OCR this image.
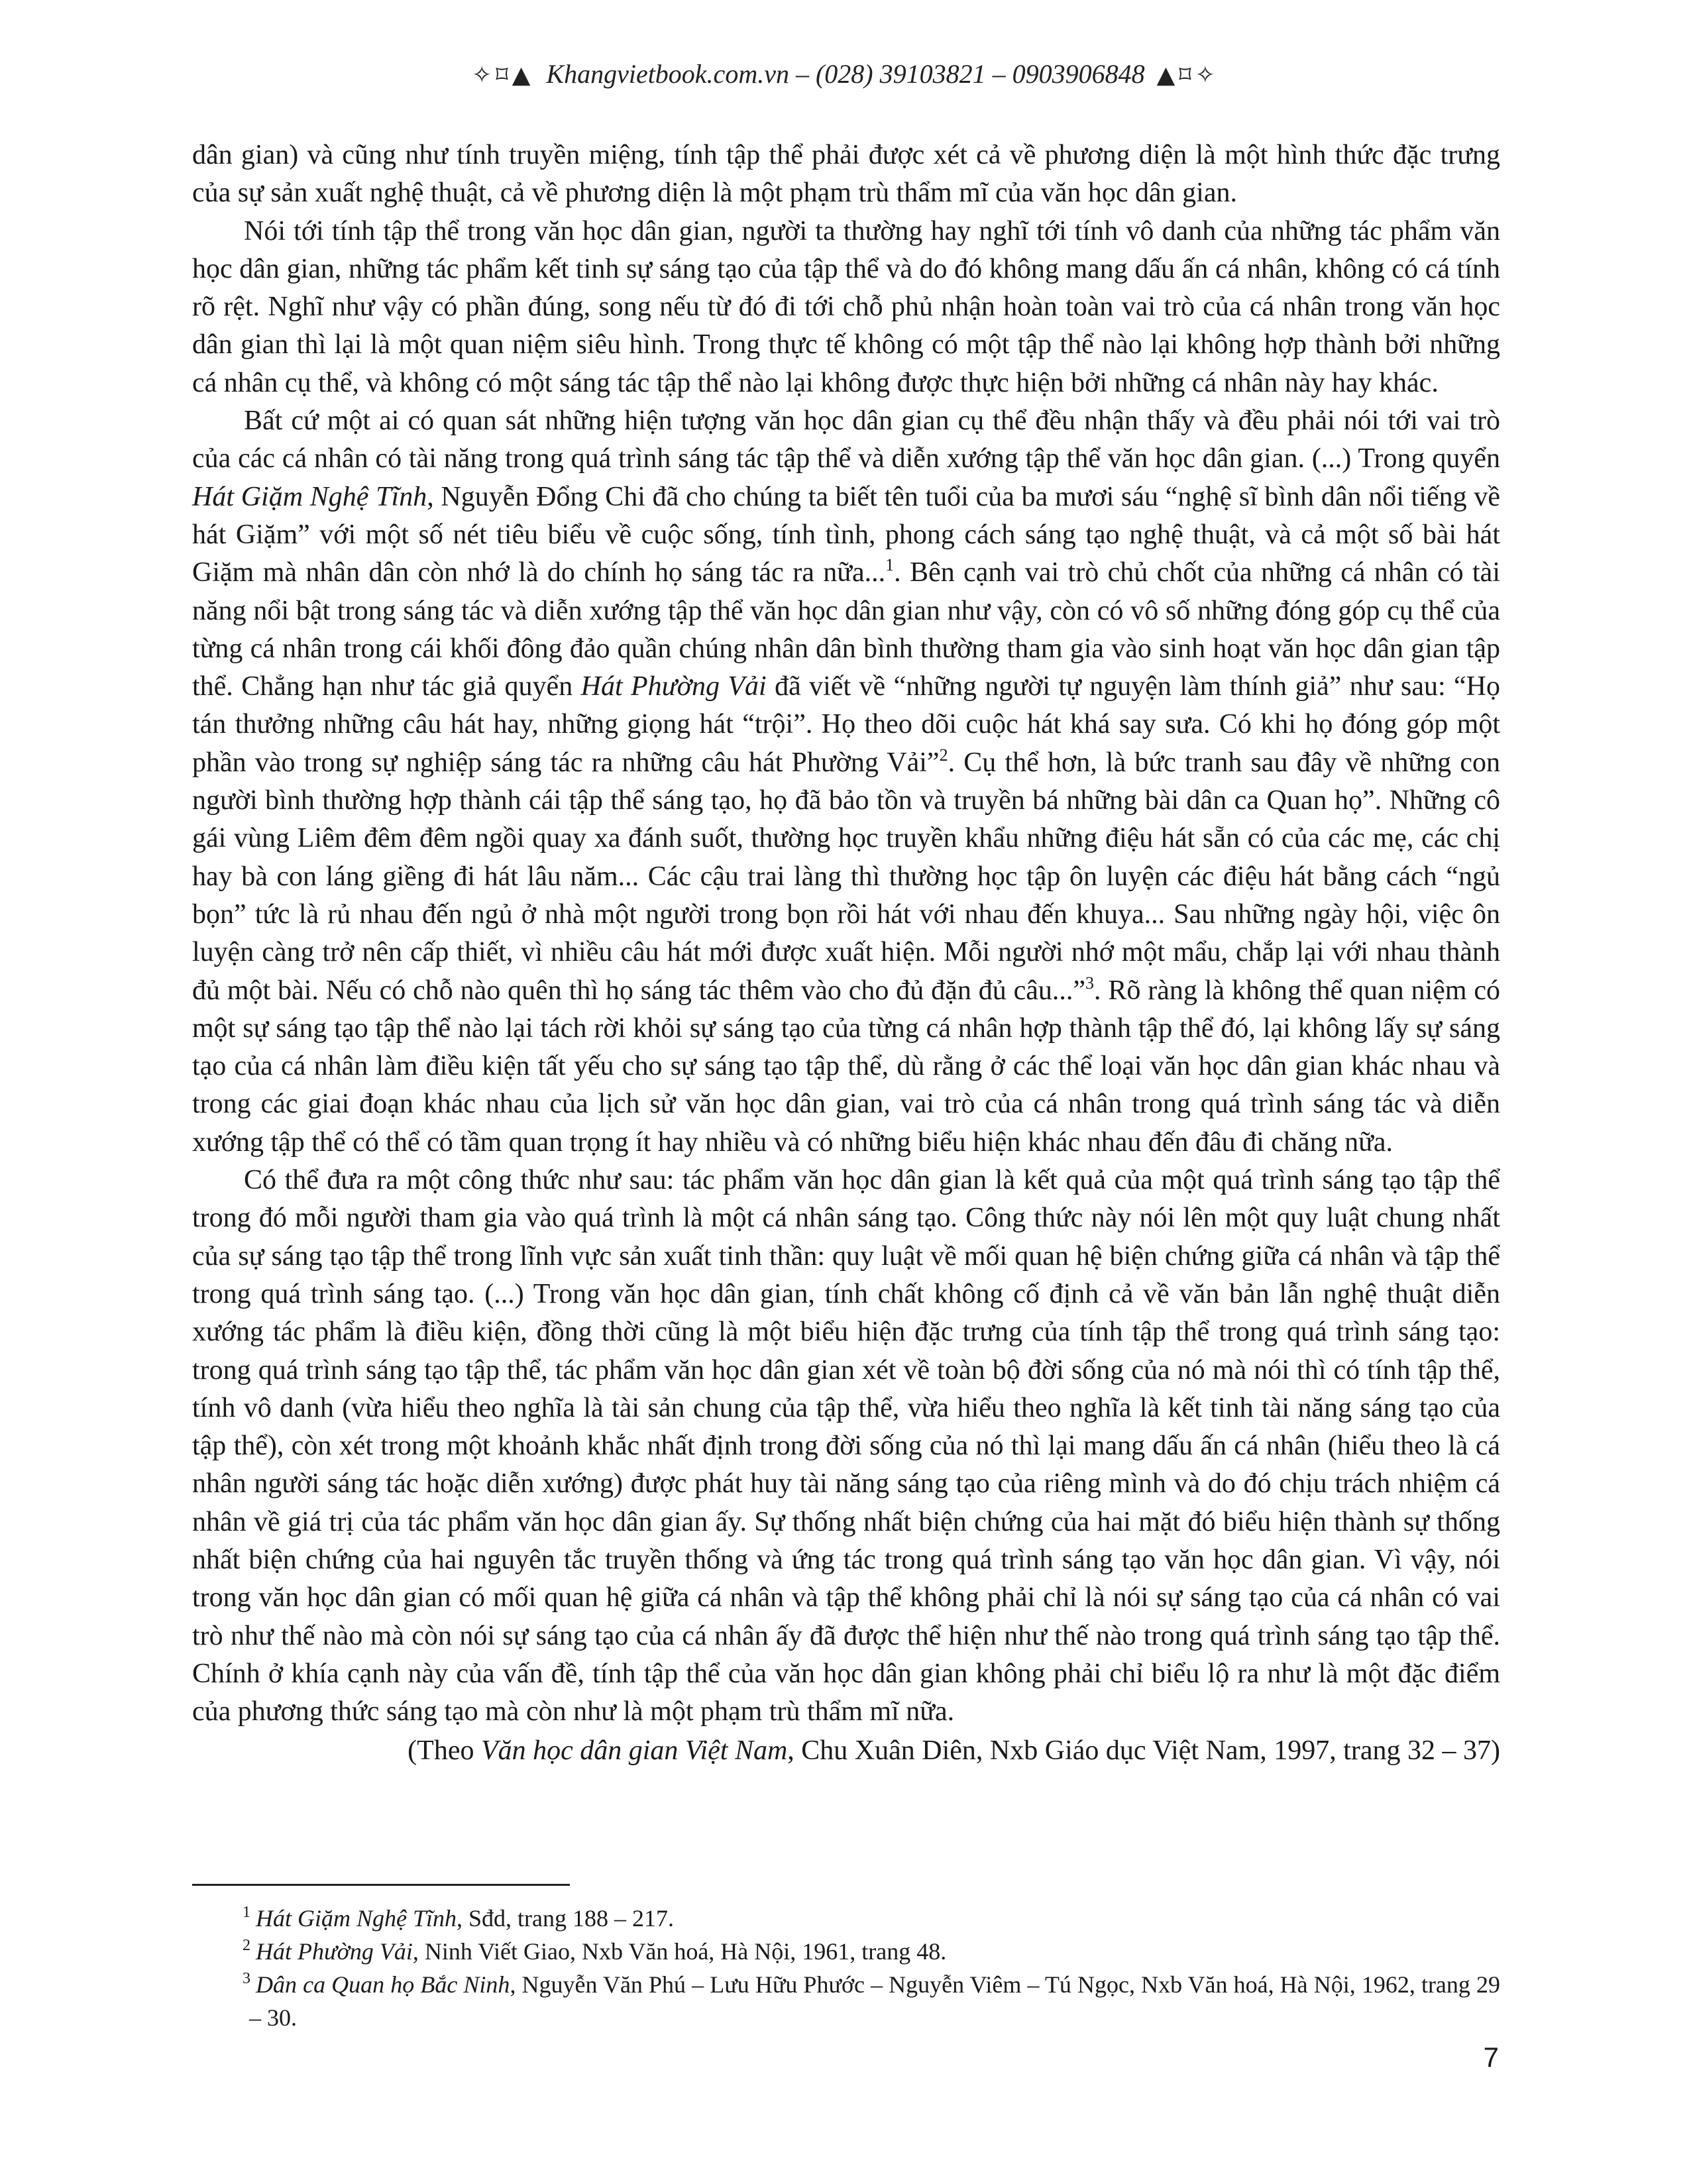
✧⌑▲ Khangvietbook.com.vn – (028) 39103821 – 0903906848 ▲⌑✧

dân gian) và cũng như tính truyền miệng, tính tập thể phải được xét cả về phương diện là một hình thức đặc trưng của sự sản xuất nghệ thuật, cả về phương diện là một phạm trù thẩm mĩ của văn học dân gian.

Nói tới tính tập thể trong văn học dân gian, người ta thường hay nghĩ tới tính vô danh của những tác phẩm văn học dân gian, những tác phẩm kết tinh sự sáng tạo của tập thể và do đó không mang dấu ấn cá nhân, không có cá tính rõ rệt. Nghĩ như vậy có phần đúng, song nếu từ đó đi tới chỗ phủ nhận hoàn toàn vai trò của cá nhân trong văn học dân gian thì lại là một quan niệm siêu hình. Trong thực tế không có một tập thể nào lại không hợp thành bởi những cá nhân cụ thể, và không có một sáng tác tập thể nào lại không được thực hiện bởi những cá nhân này hay khác.

Bất cứ một ai có quan sát những hiện tượng văn học dân gian cụ thể đều nhận thấy và đều phải nói tới vai trò của các cá nhân có tài năng trong quá trình sáng tác tập thể và diễn xướng tập thể văn học dân gian. (...) Trong quyển Hát Giặm Nghệ Tĩnh, Nguyễn Đổng Chi đã cho chúng ta biết tên tuổi của ba mươi sáu “nghệ sĩ bình dân nổi tiếng về hát Giặm” với một số nét tiêu biểu về cuộc sống, tính tình, phong cách sáng tạo nghệ thuật, và cả một số bài hát Giặm mà nhân dân còn nhớ là do chính họ sáng tác ra nữa...$^1$. Bên cạnh vai trò chủ chốt của những cá nhân có tài năng nổi bật trong sáng tác và diễn xướng tập thể văn học dân gian như vậy, còn có vô số những đóng góp cụ thể của từng cá nhân trong cái khối đông đảo quần chúng nhân dân bình thường tham gia vào sinh hoạt văn học dân gian tập thể. Chẳng hạn như tác giả quyển Hát Phường Vải đã viết về “những người tự nguyện làm thính giả” như sau: “Họ tán thưởng những câu hát hay, những giọng hát “trội”. Họ theo dõi cuộc hát khá say sưa. Có khi họ đóng góp một phần vào trong sự nghiệp sáng tác ra những câu hát Phường Vải”$^2$. Cụ thể hơn, là bức tranh sau đây về những con người bình thường hợp thành cái tập thể sáng tạo, họ đã bảo tồn và truyền bá những bài dân ca Quan họ”. Những cô gái vùng Liêm đêm đêm ngồi quay xa đánh suốt, thường học truyền khẩu những điệu hát sẵn có của các mẹ, các chị hay bà con láng giềng đi hát lâu năm... Các cậu trai làng thì thường học tập ôn luyện các điệu hát bằng cách “ngủ bọn” tức là rủ nhau đến ngủ ở nhà một người trong bọn rồi hát với nhau đến khuya... Sau những ngày hội, việc ôn luyện càng trở nên cấp thiết, vì nhiều câu hát mới được xuất hiện. Mỗi người nhớ một mẩu, chắp lại với nhau thành đủ một bài. Nếu có chỗ nào quên thì họ sáng tác thêm vào cho đủ đặn đủ câu...”$^3$. Rõ ràng là không thể quan niệm có một sự sáng tạo tập thể nào lại tách rời khỏi sự sáng tạo của từng cá nhân hợp thành tập thể đó, lại không lấy sự sáng tạo của cá nhân làm điều kiện tất yếu cho sự sáng tạo tập thể, dù rằng ở các thể loại văn học dân gian khác nhau và trong các giai đoạn khác nhau của lịch sử văn học dân gian, vai trò của cá nhân trong quá trình sáng tác và diễn xướng tập thể có thể có tầm quan trọng ít hay nhiều và có những biểu hiện khác nhau đến đâu đi chăng nữa.

Có thể đưa ra một công thức như sau: tác phẩm văn học dân gian là kết quả của một quá trình sáng tạo tập thể trong đó mỗi người tham gia vào quá trình là một cá nhân sáng tạo. Công thức này nói lên một quy luật chung nhất của sự sáng tạo tập thể trong lĩnh vực sản xuất tinh thần: quy luật về mối quan hệ biện chứng giữa cá nhân và tập thể trong quá trình sáng tạo. (...) Trong văn học dân gian, tính chất không cố định cả về văn bản lẫn nghệ thuật diễn xướng tác phẩm là điều kiện, đồng thời cũng là một biểu hiện đặc trưng của tính tập thể trong quá trình sáng tạo: trong quá trình sáng tạo tập thể, tác phẩm văn học dân gian xét về toàn bộ đời sống của nó mà nói thì có tính tập thể, tính vô danh (vừa hiểu theo nghĩa là tài sản chung của tập thể, vừa hiểu theo nghĩa là kết tinh tài năng sáng tạo của tập thể), còn xét trong một khoảnh khắc nhất định trong đời sống của nó thì lại mang dấu ấn cá nhân (hiểu theo là cá nhân người sáng tác hoặc diễn xướng) được phát huy tài năng sáng tạo của riêng mình và do đó chịu trách nhiệm cá nhân về giá trị của tác phẩm văn học dân gian ấy. Sự thống nhất biện chứng của hai mặt đó biểu hiện thành sự thống nhất biện chứng của hai nguyên tắc truyền thống và ứng tác trong quá trình sáng tạo văn học dân gian. Vì vậy, nói trong văn học dân gian có mối quan hệ giữa cá nhân và tập thể không phải chỉ là nói sự sáng tạo của cá nhân có vai trò như thế nào mà còn nói sự sáng tạo của cá nhân ấy đã được thể hiện như thế nào trong quá trình sáng tạo tập thể. Chính ở khía cạnh này của vấn đề, tính tập thể của văn học dân gian không phải chỉ biểu lộ ra như là một đặc điểm của phương thức sáng tạo mà còn như là một phạm trù thẩm mĩ nữa.

(Theo Văn học dân gian Việt Nam, Chu Xuân Diên, Nxb Giáo dục Việt Nam, 1997, trang 32 – 37)

$^1$ Hát Giặm Nghệ Tĩnh, Sđd, trang 188 – 217.

$^2$ Hát Phường Vải, Ninh Viết Giao, Nxb Văn hoá, Hà Nội, 1961, trang 48.

$^3$ Dân ca Quan họ Bắc Ninh, Nguyễn Văn Phú – Lưu Hữu Phước – Nguyễn Viêm – Tú Ngọc, Nxb Văn hoá, Hà Nội, 1962, trang 29 – 30.

7
